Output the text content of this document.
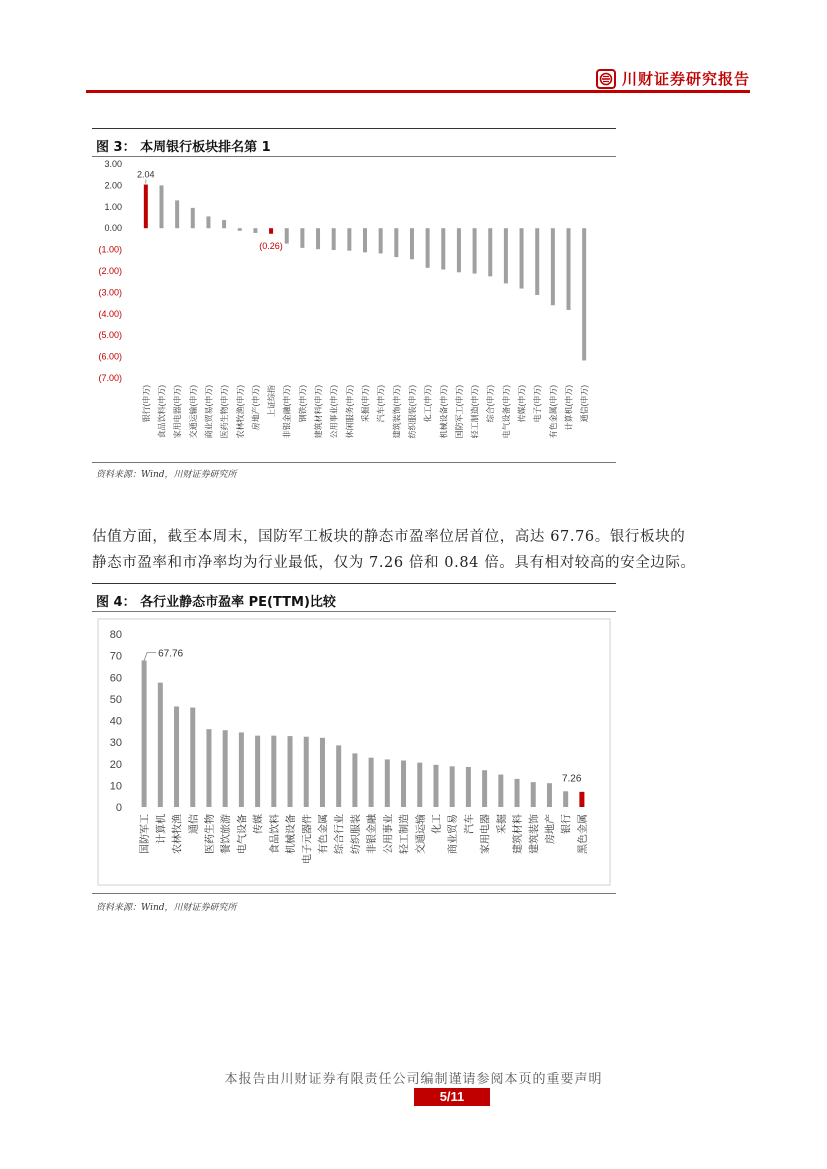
川财证券研究报告
图 3： 本周银行板块排名第 1
3.00
2.00
1.00
0.00
(1.00)
(2.00)
(3.00)
(4.00)
(5.00)
(6.00)
(7.00)
银行(申万) 食品饮料(申万) 家用电器(申万) 交通运输(申万) 商业贸易(申万) 医药生物(申万) 农林牧渔(申万) 房地产(申万) 上证综指 非银金融(申万) 钢铁(申万) 建筑材料(申万) 公用事业(申万) 休闲服务(申万) 采掘(申万) 汽车(申万) 建筑装饰(申万) 纺织服装(申万) 化工(申万) 机械设备(申万) 国防军工(申万) 轻工制造(申万) 综合(申万) 电气设备(申万) 传媒(申万) 电子(申万) 有色金属(申万) 计算机(申万) 通信(申万)
2.04
(0.26)
资料来源：Wind，川财证券研究所

估值方面，截至本周末，国防军工板块的静态市盈率位居首位，高达 67.76。银行板块的

静态市盈率和市净率均为行业最低，仅为 7.26 倍和 0.84 倍。具有相对较高的安全边际。

图 4： 各行业静态市盈率 PE(TTM)比较
80
70
60
50
40
30
20
10
0
国防军工 计算机 农林牧渔 通信 医药生物 餐饮旅游 电气设备 传媒 食品饮料 机械设备 电子元器件 有色金属 综合行业 纺织服装 非银金融 公用事业 轻工制造 交通运输 化工 商业贸易 汽车 家用电器 采掘 建筑材料 建筑装饰 房地产 银行 黑色金属
67.76
7.26
资料来源：Wind，川财证券研究所
本报告由川财证券有限责任公司编制谨请参阅本页的重要声明
5/11
